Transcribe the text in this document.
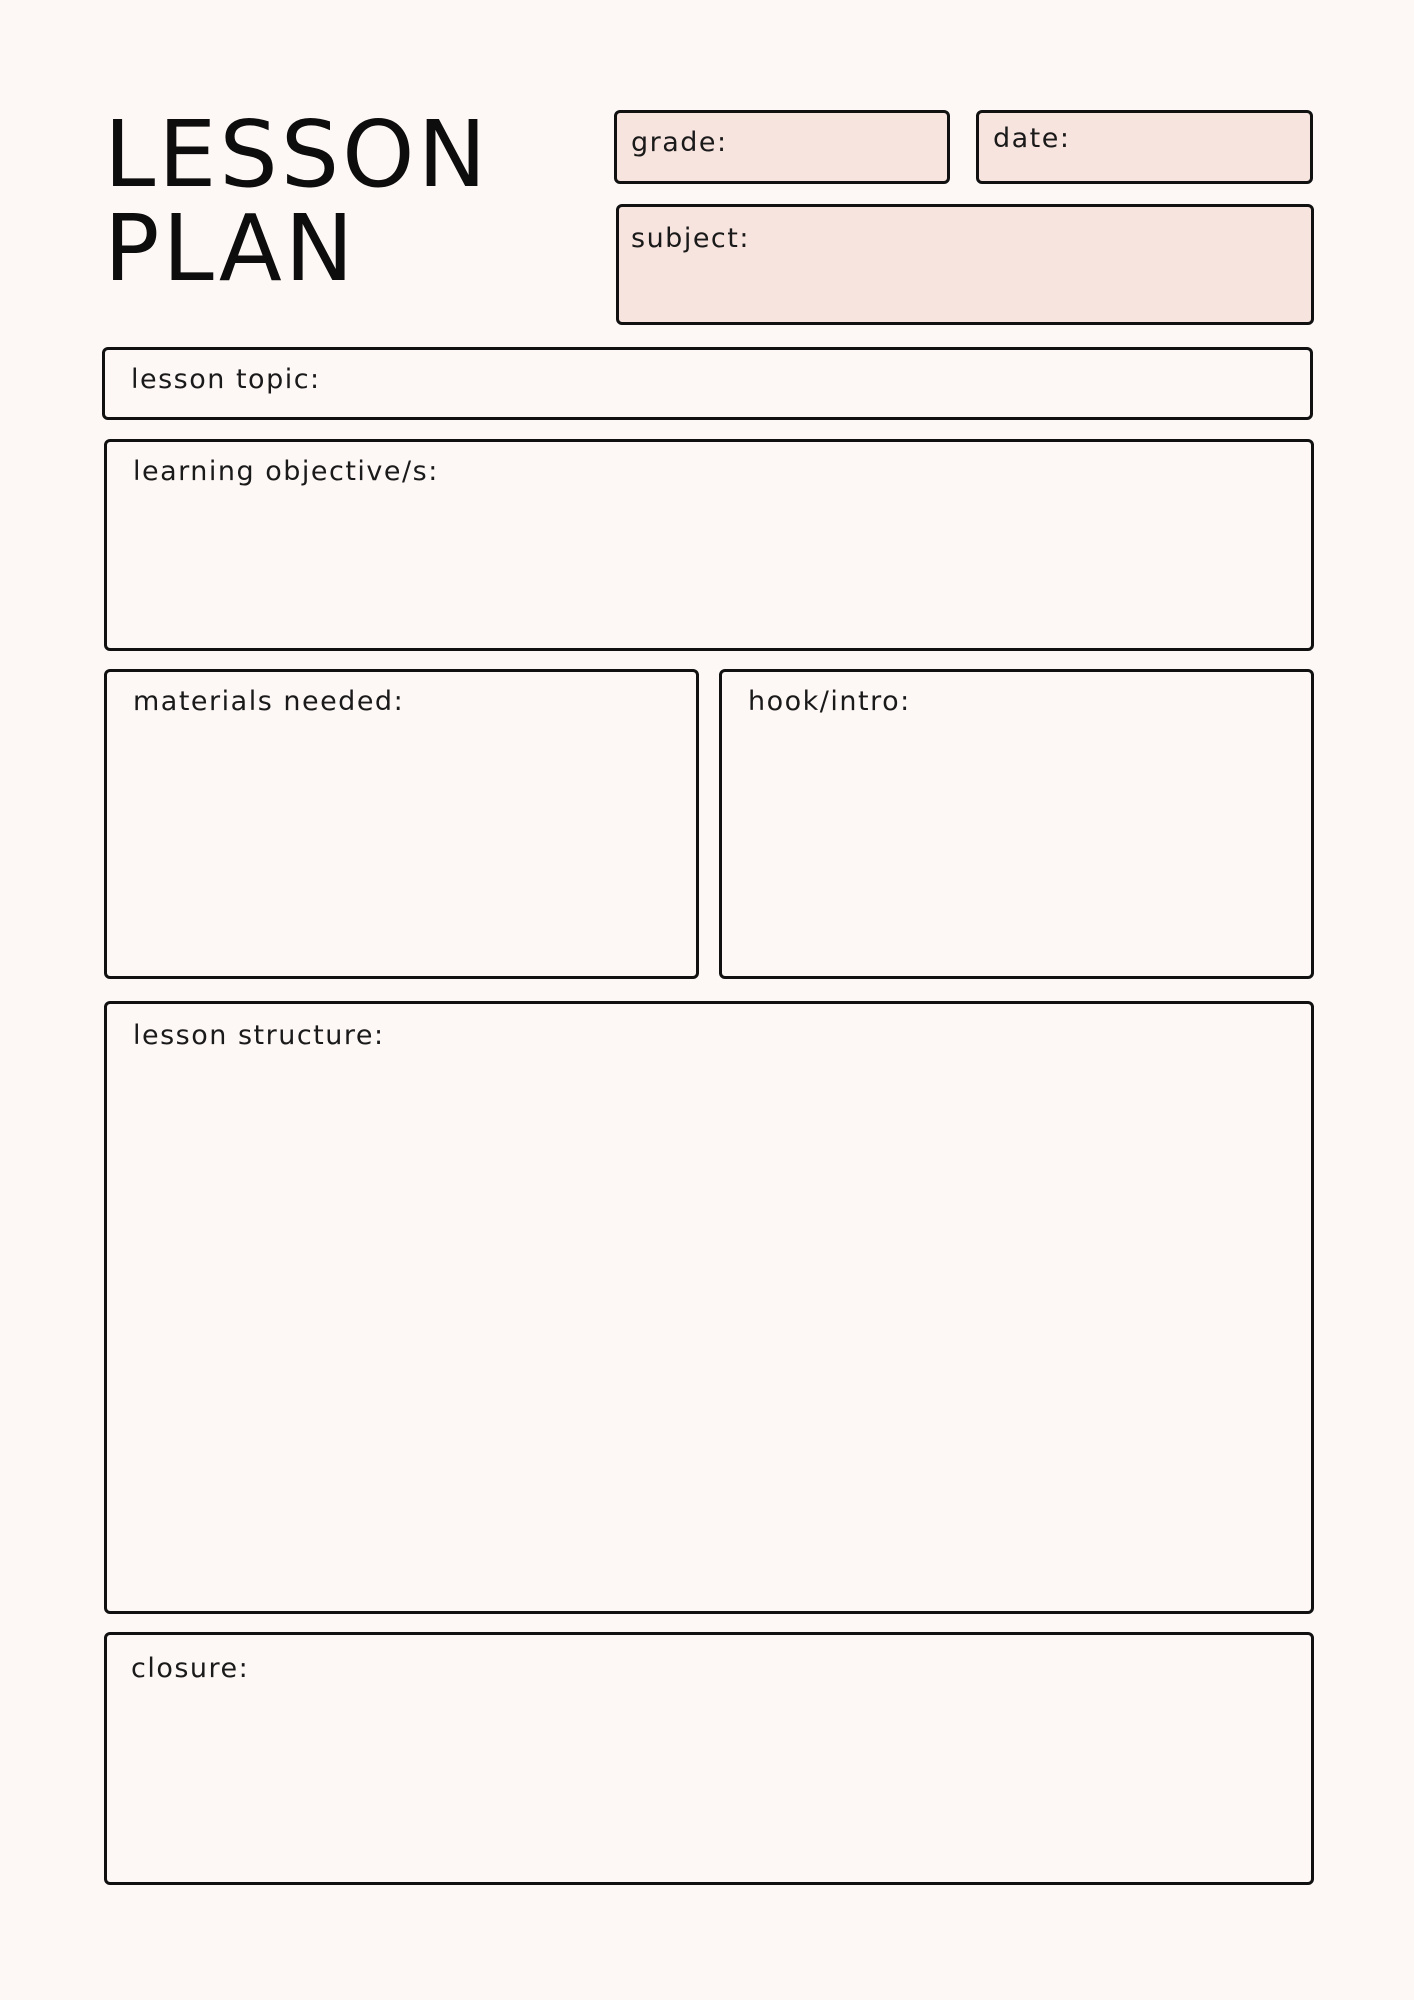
LESSON
PLAN
grade:	date:
subject:
lesson topic:
learning objective/s:
materials needed:	hook/intro:
lesson structure:
closure:
